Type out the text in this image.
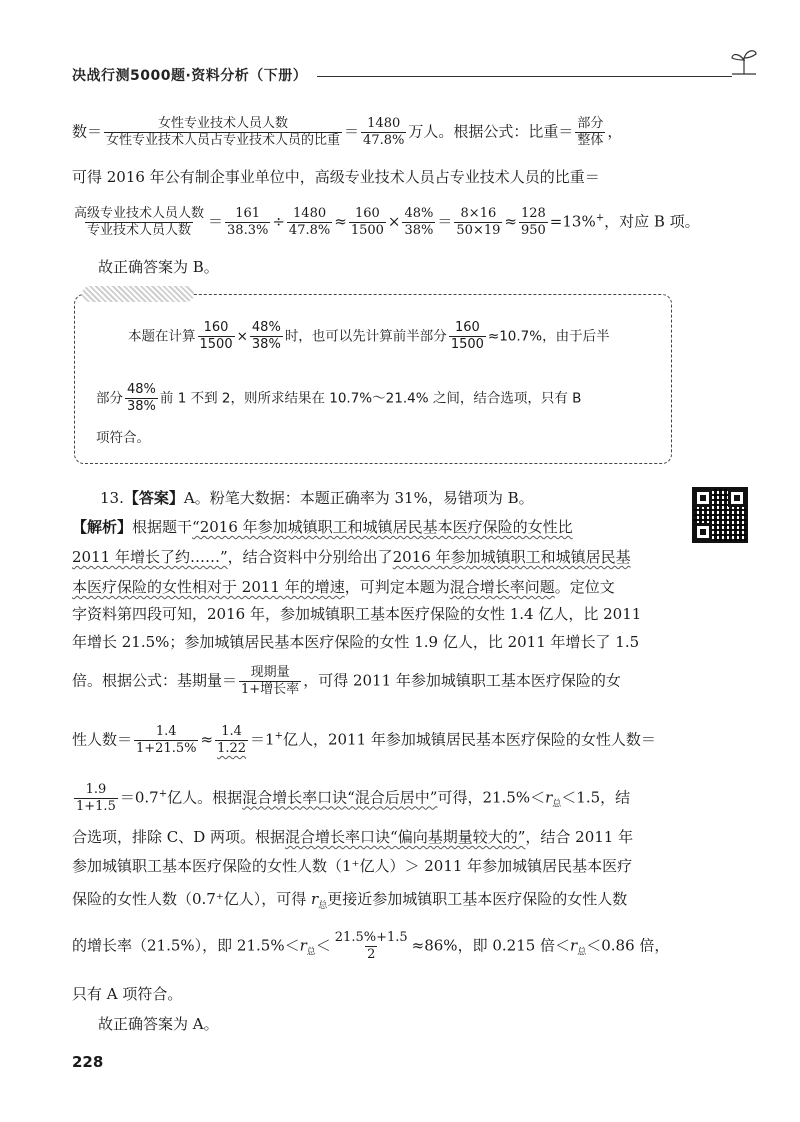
决战行测5000题·资料分析（下册）
数＝ $\frac{\text{女性专业技术人员人数}}{\text{女性专业技术人员占专业技术人员的比重}} = \frac{1480}{47.8\%}$ 万人。根据公式：比重＝ $\frac{\text{部分}}{\text{整体}}$ ，
可得 2016 年公有制企事业单位中，高级专业技术人员占专业技术人员的比重＝
$\frac{\text{高级专业技术人员人数}}{\text{专业技术人员人数}} = \frac{161}{38.3\%} \div \frac{1480}{47.8\%} \approx \frac{160}{1500} \times \frac{48\%}{38\%} = \frac{8\times 16}{50\times 19} \approx \frac{128}{950} =13\%^+$，对应 B 项。
故正确答案为 B。
本题在计算 $\frac{160}{1500} \times \frac{48\%}{38\%}$ 时，也可以先计算前半部分 $\frac{160}{1500} \approx 10.7\%$，由于后半
部分 $\frac{48\%}{38\%}$ 前 1 不到 2，则所求结果在 10.7%～21.4% 之间，结合选项，只有 B
项符合。
13.【答案】A。粉笔大数据：本题正确率为 31%，易错项为 B。
【解析】根据题干“2016 年参加城镇职工和城镇居民基本医疗保险的女性比
2011 年增长了约……”，结合资料中分别给出了2016 年参加城镇职工和城镇居民基
本医疗保险的女性相对于 2011 年的增速，可判定本题为混合增长率问题。定位文
字资料第四段可知，2016 年，参加城镇职工基本医疗保险的女性 1.4 亿人，比 2011
年增长 21.5%；参加城镇居民基本医疗保险的女性 1.9 亿人，比 2011 年增长了 1.5
倍。根据公式：基期量＝ $\frac{\text{现期量}}{\text{1+增长率}}$ ，可得 2011 年参加城镇职工基本医疗保险的女
性人数＝ $\frac{1.4}{1+21.5\%} \approx \frac{1.4}{1.22} =1^+$亿人，2011 年参加城镇居民基本医疗保险的女性人数＝
$\frac{1.9}{1+1.5} =0.7^+$亿人。根据混合增长率口诀“混合后居中”可得，$21.5\%<r_总<1.5$，结
合选项，排除 C、D 两项。根据混合增长率口诀“偏向基期量较大的”，结合 2011 年
参加城镇职工基本医疗保险的女性人数（1⁺亿人）＞ 2011 年参加城镇居民基本医疗
保险的女性人数（0.7⁺亿人），可得 $r_总$更接近参加城镇职工基本医疗保险的女性人数
的增长率（21.5%），即 $21.5\%<r_总< \frac{21.5\%+1.5}{2} \approx 86\%$，即 0.215 倍$<r_总<0.86$ 倍，
只有 A 项符合。
故正确答案为 A。
228
